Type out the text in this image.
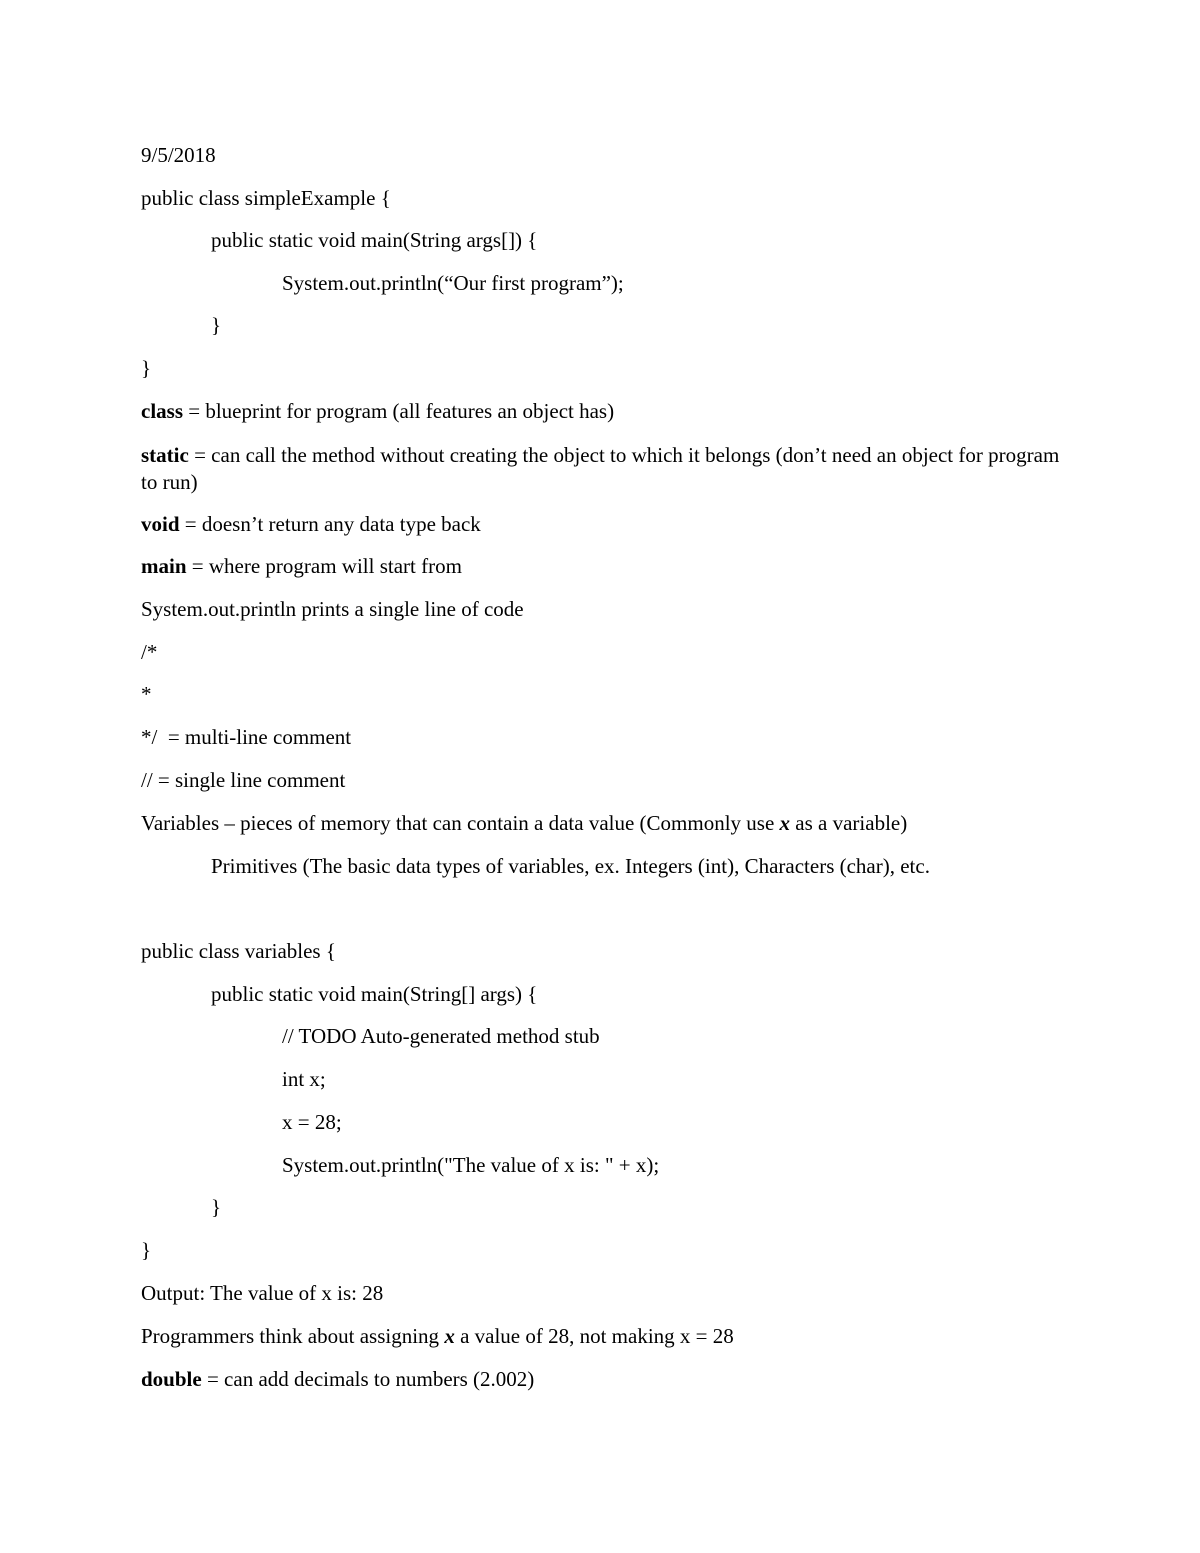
9/5/2018
public class simpleExample {
public static void main(String args[]) {
System.out.println(“Our first program”);
}
}
class = blueprint for program (all features an object has)
static = can call the method without creating the object to which it belongs (don’t need an object for program to run)
void = doesn’t return any data type back
main = where program will start from
System.out.println prints a single line of code
/*
*
*/  = multi-line comment
// = single line comment
Variables – pieces of memory that can contain a data value (Commonly use x as a variable)
Primitives (The basic data types of variables, ex. Integers (int), Characters (char), etc.
public class variables {
public static void main(String[] args) {
// TODO Auto-generated method stub
int x;
x = 28;
System.out.println("The value of x is: " + x);
}
}
Output: The value of x is: 28
Programmers think about assigning x a value of 28, not making x = 28
double = can add decimals to numbers (2.002)
